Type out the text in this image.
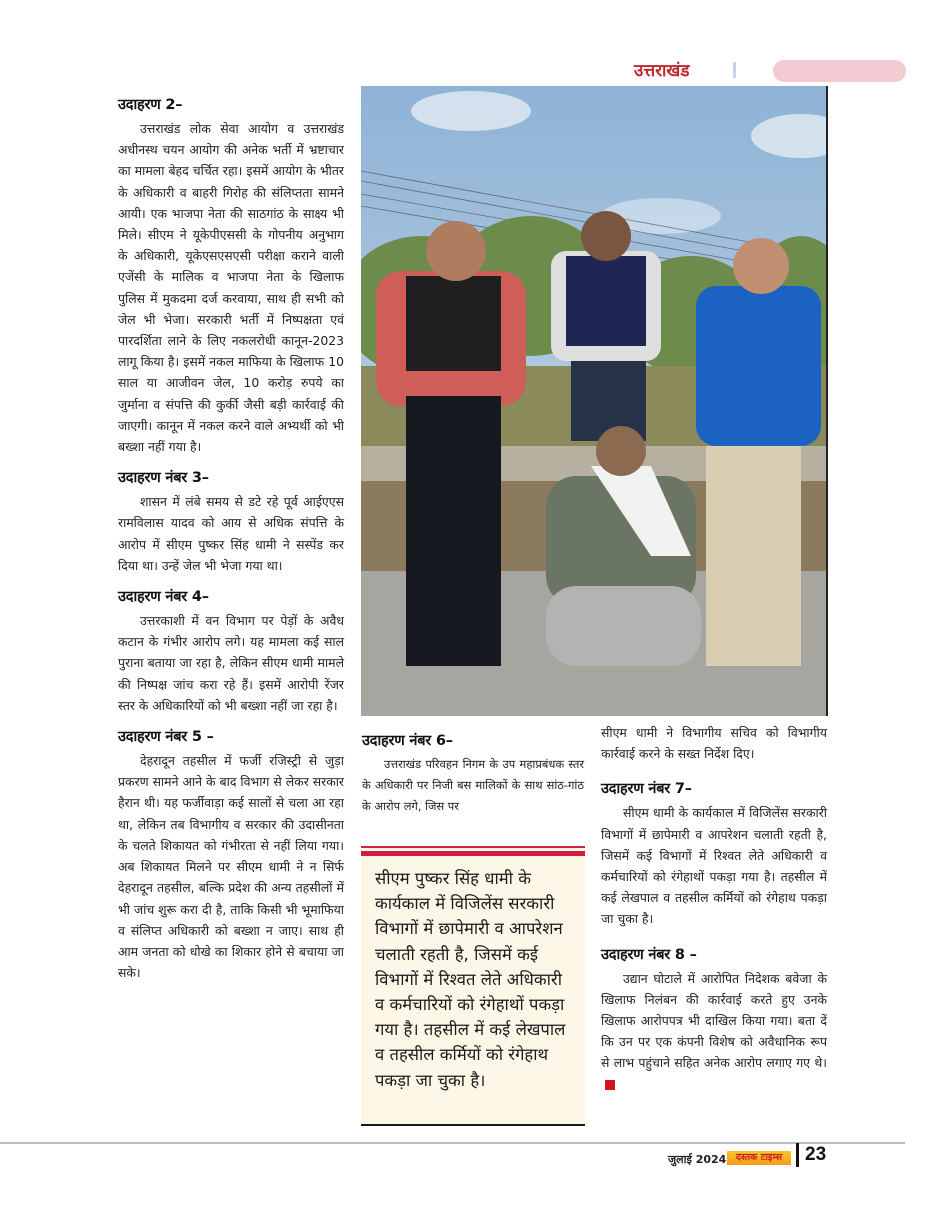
उत्तराखंड
उदाहरण 2–

उत्तराखंड लोक सेवा आयोग व उत्तराखंड अधीनस्थ चयन आयोग की अनेक भर्ती में भ्रष्टाचार का मामला बेहद चर्चित रहा। इसमें आयोग के भीतर के अधिकारी व बाहरी गिरोह की संलिप्तता सामने आयी। एक भाजपा नेता की साठगांठ के साक्ष्य भी मिले। सीएम ने यूकेपीएससी के गोपनीय अनुभाग के अधिकारी, यूकेएसएसएसी परीक्षा कराने वाली एजेंसी के मालिक व भाजपा नेता के खिलाफ पुलिस में मुकदमा दर्ज करवाया, साथ ही सभी को जेल भी भेजा। सरकारी भर्ती में निष्पक्षता एवं पारदर्शिता लाने के लिए नकलरोधी कानून-2023 लागू किया है। इसमें नकल माफिया के खिलाफ 10 साल या आजीवन जेल, 10 करोड़ रुपये का जुर्माना व संपत्ति की कुर्की जैसी बड़ी कार्रवाई की जाएगी। कानून में नकल करने वाले अभ्यर्थी को भी बख्शा नहीं गया है।

उदाहरण नंबर 3–

शासन में लंबे समय से डटे रहे पूर्व आईएएस रामविलास यादव को आय से अधिक संपत्ति के आरोप में सीएम पुष्कर सिंह धामी ने सस्पेंड कर दिया था। उन्हें जेल भी भेजा गया था।

उदाहरण नंबर 4–

उत्तरकाशी में वन विभाग पर पेड़ों के अवैध कटान के गंभीर आरोप लगे। यह मामला कई साल पुराना बताया जा रहा है, लेकिन सीएम धामी मामले की निष्पक्ष जांच करा रहे हैं। इसमें आरोपी रेंजर स्तर के अधिकारियों को भी बख्शा नहीं जा रहा है।

उदाहरण नंबर 5 –

देहरादून तहसील में फर्जी रजिस्ट्री से जुड़ा प्रकरण सामने आने के बाद विभाग से लेकर सरकार हैरान थी। यह फर्जीवाड़ा कई सालों से चला आ रहा था, लेकिन तब विभागीय व सरकार की उदासीनता के चलते शिकायत को गंभीरता से नहीं लिया गया। अब शिकायत मिलने पर सीएम धामी ने न सिर्फ देहरादून तहसील, बल्कि प्रदेश की अन्य तहसीलों में भी जांच शुरू करा दी है, ताकि किसी भी भूमाफिया व संलिप्त अधिकारी को बख्शा न जाए। साथ ही आम जनता को धोखे का शिकार होने से बचाया जा सके।

उदाहरण नंबर 6–

उत्तराखंड परिवहन निगम के उप महाप्रबंधक स्तर के अधिकारी पर निजी बस मालिकों के साथ सांठ-गांठ के आरोप लगे, जिस पर

सीएम पुष्कर सिंह धामी के कार्यकाल में विजिलेंस सरकारी विभागों में छापेमारी व आपरेशन चलाती रहती है, जिसमें कई विभागों में रिश्वत लेते अधिकारी व कर्मचारियों को रंगेहाथों पकड़ा गया है। तहसील में कई लेखपाल व तहसील कर्मियों को रंगेहाथ पकड़ा जा चुका है।

सीएम धामी ने विभागीय सचिव को विभागीय कार्रवाई करने के सख्त निर्देश दिए।

उदाहरण नंबर 7–

सीएम धामी के कार्यकाल में विजिलेंस सरकारी विभागों में छापेमारी व आपरेशन चलाती रहती है, जिसमें कई विभागों में रिश्वत लेते अधिकारी व कर्मचारियों को रंगेहाथों पकड़ा गया है। तहसील में कई लेखपाल व तहसील कर्मियों को रंगेहाथ पकड़ा जा चुका है।

उदाहरण नंबर 8 –

उद्यान घोटाले में आरोपित निदेशक बवेजा के खिलाफ निलंबन की कार्रवाई करते हुए उनके खिलाफ आरोपपत्र भी दाखिल किया गया। बता दें कि उन पर एक कंपनी विशेष को अवैधानिक रूप से लाभ पहुंचाने सहित अनेक आरोप लगाए गए थे।

जुलाई 2024	दस्तक टाइम्स	23
